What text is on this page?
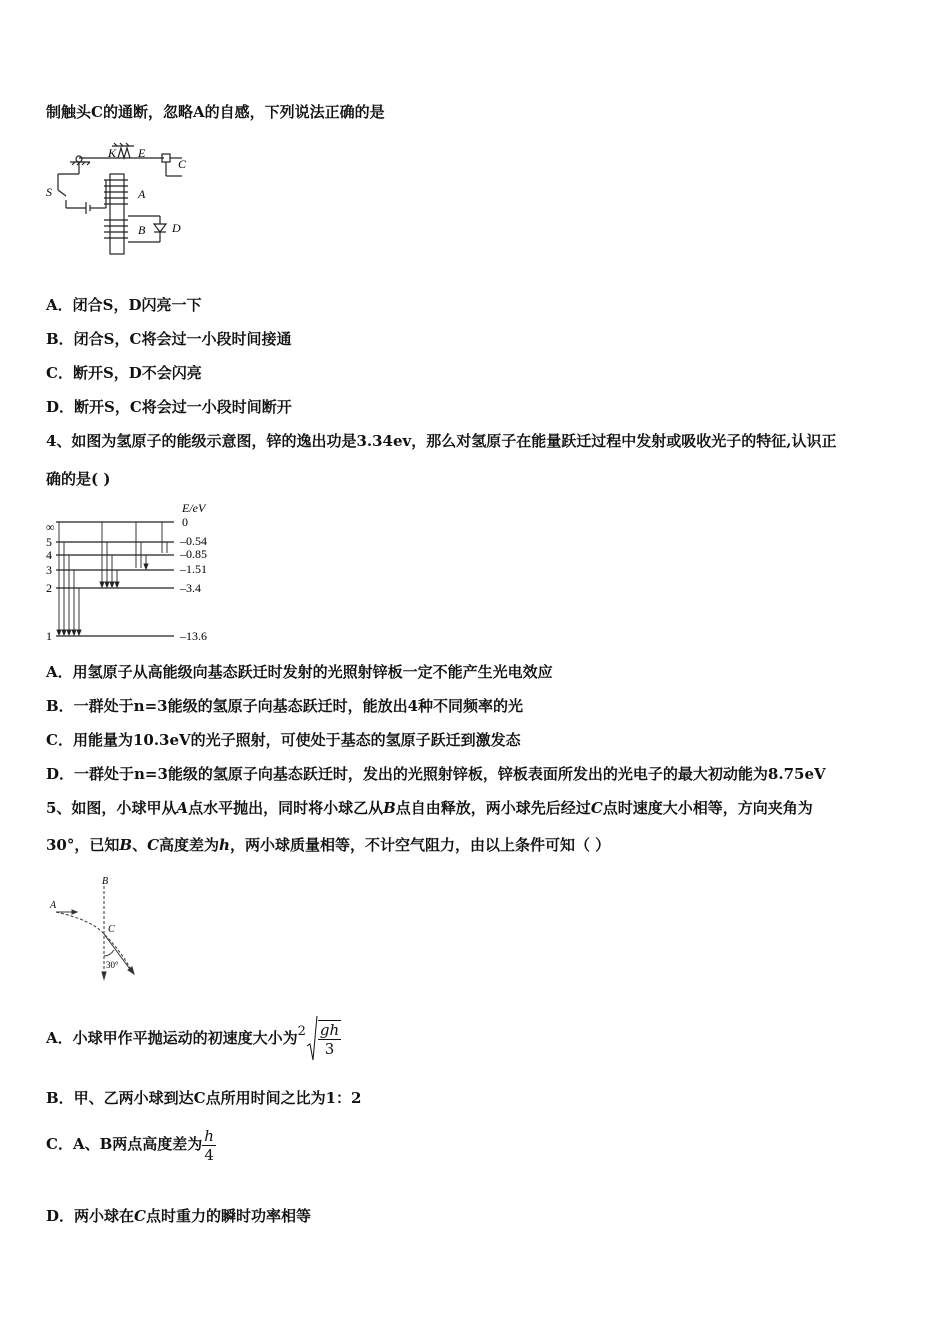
制触头C的通断，忽略A的自感，下列说法正确的是
K E
C
S	A
B D
A．闭合S，D闪亮一下
B．闭合S，C将会过一小段时间接通
C．断开S，D不会闪亮
D．断开S，C将会过一小段时间断开
4、如图为氢原子的能级示意图，锌的逸出功是3.34ev，那么对氢原子在能量跃迁过程中发射或吸收光子的特征,认识正
确的是( )
E/eV
∞
5
4
3
2
1
0
–0.54
–0.85
–1.51
–3.4
–13.6
A．用氢原子从高能级向基态跃迁时发射的光照射锌板一定不能产生光电效应
B．一群处于n=3能级的氢原子向基态跃迁时，能放出4种不同频率的光
C．用能量为10.3eV的光子照射，可使处于基态的氢原子跃迁到激发态
D．一群处于n=3能级的氢原子向基态跃迁时，发出的光照射锌板，锌板表面所发出的光电子的最大初动能为8.75eV
5、如图，小球甲从A点水平抛出，同时将小球乙从B点自由释放，两小球先后经过C点时速度大小相等，方向夹角为
30°，已知B、C高度差为h，两小球质量相等，不计空气阻力，由以上条件可知（ ）
B
A
C
30°
A．小球甲作平抛运动的初速度大小为$2 \frac{gh}{3}$
B．甲、乙两小球到达C点所用时间之比为1：2
C．A、B两点高度差为 $\frac{h}{4}$
D．两小球在C点时重力的瞬时功率相等
